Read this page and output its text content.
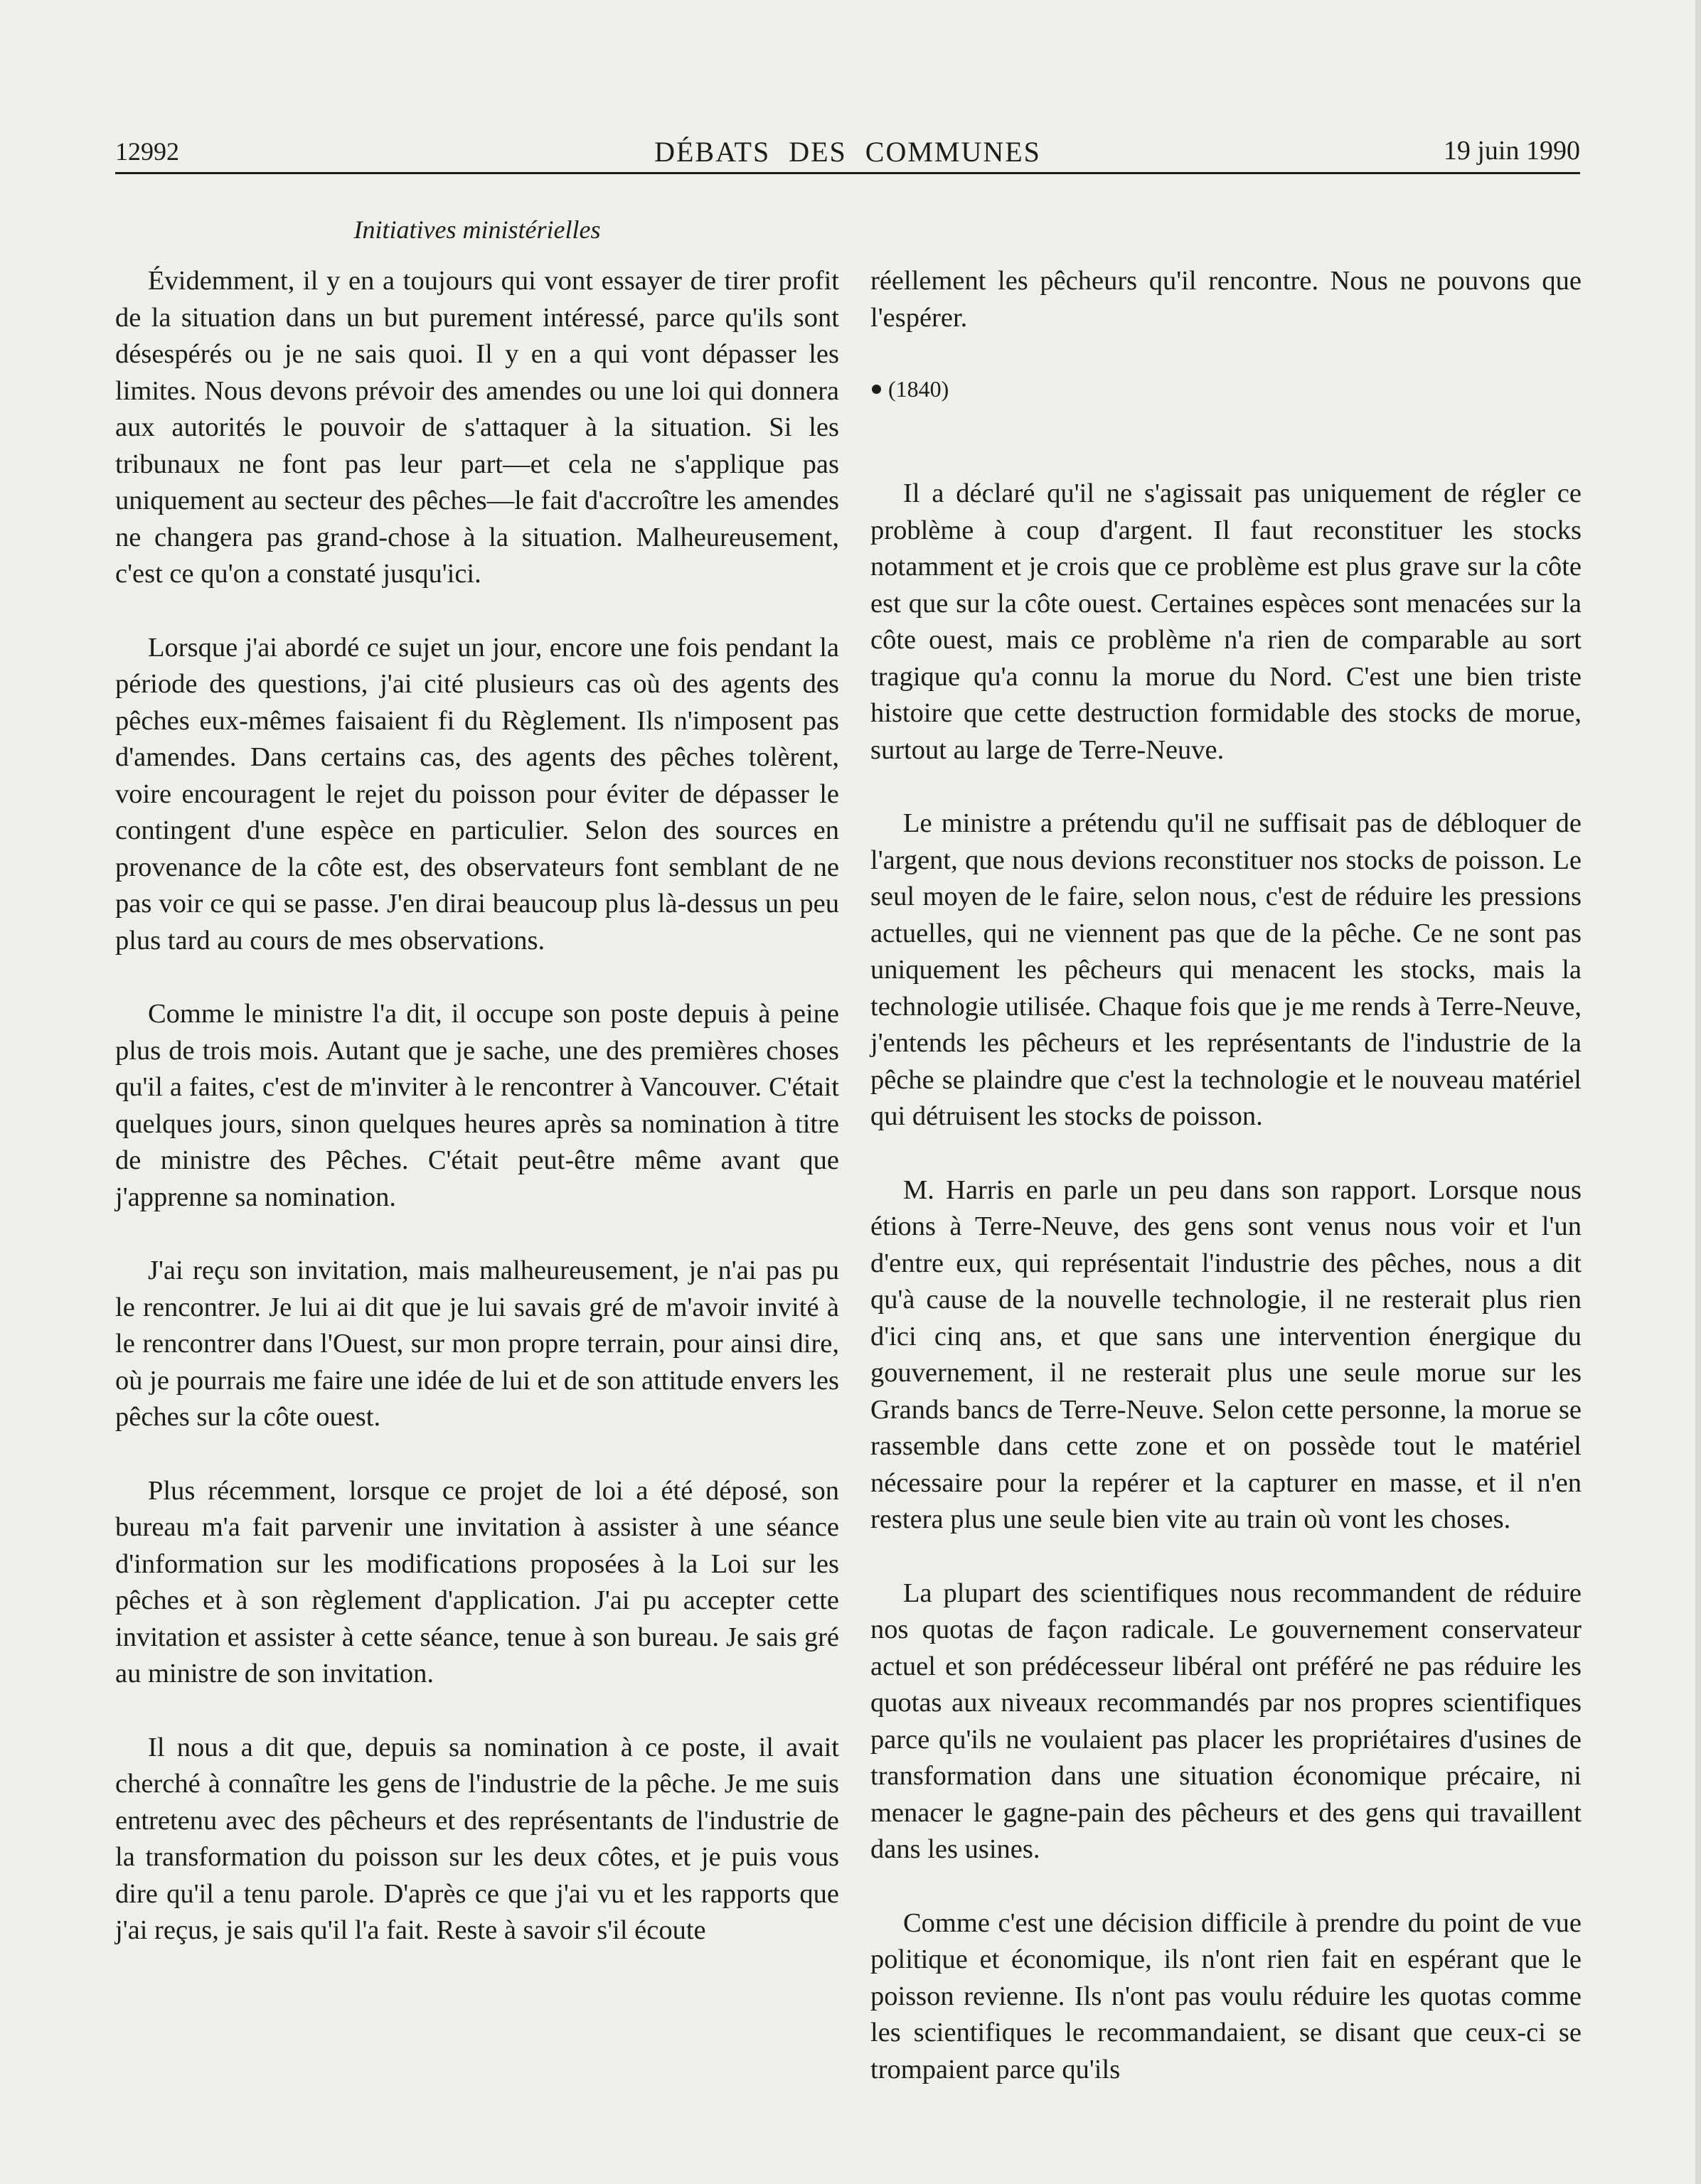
12992	DÉBATS DES COMMUNES	19 juin 1990
Initiatives ministérielles

Évidemment, il y en a toujours qui vont essayer de tirer profit de la situation dans un but purement intéressé, parce qu'ils sont désespérés ou je ne sais quoi. Il y en a qui vont dépasser les limites. Nous devons prévoir des amendes ou une loi qui donnera aux autorités le pouvoir de s'attaquer à la situation. Si les tribunaux ne font pas leur part—et cela ne s'applique pas uniquement au secteur des pêches—le fait d'accroître les amendes ne changera pas grand-chose à la situation. Malheureusement, c'est ce qu'on a constaté jusqu'ici.

Lorsque j'ai abordé ce sujet un jour, encore une fois pendant la période des questions, j'ai cité plusieurs cas où des agents des pêches eux-mêmes faisaient fi du Règlement. Ils n'imposent pas d'amendes. Dans certains cas, des agents des pêches tolèrent, voire encouragent le rejet du poisson pour éviter de dépasser le contingent d'une espèce en particulier. Selon des sources en provenance de la côte est, des observateurs font semblant de ne pas voir ce qui se passe. J'en dirai beaucoup plus là-dessus un peu plus tard au cours de mes observations.

Comme le ministre l'a dit, il occupe son poste depuis à peine plus de trois mois. Autant que je sache, une des premières choses qu'il a faites, c'est de m'inviter à le rencontrer à Vancouver. C'était quelques jours, sinon quelques heures après sa nomination à titre de ministre des Pêches. C'était peut-être même avant que j'apprenne sa nomination.

J'ai reçu son invitation, mais malheureusement, je n'ai pas pu le rencontrer. Je lui ai dit que je lui savais gré de m'avoir invité à le rencontrer dans l'Ouest, sur mon propre terrain, pour ainsi dire, où je pourrais me faire une idée de lui et de son attitude envers les pêches sur la côte ouest.

Plus récemment, lorsque ce projet de loi a été déposé, son bureau m'a fait parvenir une invitation à assister à une séance d'information sur les modifications proposées à la Loi sur les pêches et à son règlement d'application. J'ai pu accepter cette invitation et assister à cette séance, tenue à son bureau. Je sais gré au ministre de son invitation.

Il nous a dit que, depuis sa nomination à ce poste, il avait cherché à connaître les gens de l'industrie de la pêche. Je me suis entretenu avec des pêcheurs et des représentants de l'industrie de la transformation du poisson sur les deux côtes, et je puis vous dire qu'il a tenu parole. D'après ce que j'ai vu et les rapports que j'ai reçus, je sais qu'il l'a fait. Reste à savoir s'il écoute

réellement les pêcheurs qu'il rencontre. Nous ne pouvons que l'espérer.

(1840)

Il a déclaré qu'il ne s'agissait pas uniquement de régler ce problème à coup d'argent. Il faut reconstituer les stocks notamment et je crois que ce problème est plus grave sur la côte est que sur la côte ouest. Certaines espèces sont menacées sur la côte ouest, mais ce problème n'a rien de comparable au sort tragique qu'a connu la morue du Nord. C'est une bien triste histoire que cette destruction formidable des stocks de morue, surtout au large de Terre-Neuve.

Le ministre a prétendu qu'il ne suffisait pas de débloquer de l'argent, que nous devions reconstituer nos stocks de poisson. Le seul moyen de le faire, selon nous, c'est de réduire les pressions actuelles, qui ne viennent pas que de la pêche. Ce ne sont pas uniquement les pêcheurs qui menacent les stocks, mais la technologie utilisée. Chaque fois que je me rends à Terre-Neuve, j'entends les pêcheurs et les représentants de l'industrie de la pêche se plaindre que c'est la technologie et le nouveau matériel qui détruisent les stocks de poisson.

M. Harris en parle un peu dans son rapport. Lorsque nous étions à Terre-Neuve, des gens sont venus nous voir et l'un d'entre eux, qui représentait l'industrie des pêches, nous a dit qu'à cause de la nouvelle technologie, il ne resterait plus rien d'ici cinq ans, et que sans une intervention énergique du gouvernement, il ne resterait plus une seule morue sur les Grands bancs de Terre-Neuve. Selon cette personne, la morue se rassemble dans cette zone et on possède tout le matériel nécessaire pour la repérer et la capturer en masse, et il n'en restera plus une seule bien vite au train où vont les choses.

La plupart des scientifiques nous recommandent de réduire nos quotas de façon radicale. Le gouvernement conservateur actuel et son prédécesseur libéral ont préféré ne pas réduire les quotas aux niveaux recommandés par nos propres scientifiques parce qu'ils ne voulaient pas placer les propriétaires d'usines de transformation dans une situation économique précaire, ni menacer le gagne-pain des pêcheurs et des gens qui travaillent dans les usines.

Comme c'est une décision difficile à prendre du point de vue politique et économique, ils n'ont rien fait en espérant que le poisson revienne. Ils n'ont pas voulu réduire les quotas comme les scientifiques le recommandaient, se disant que ceux-ci se trompaient parce qu'ils
